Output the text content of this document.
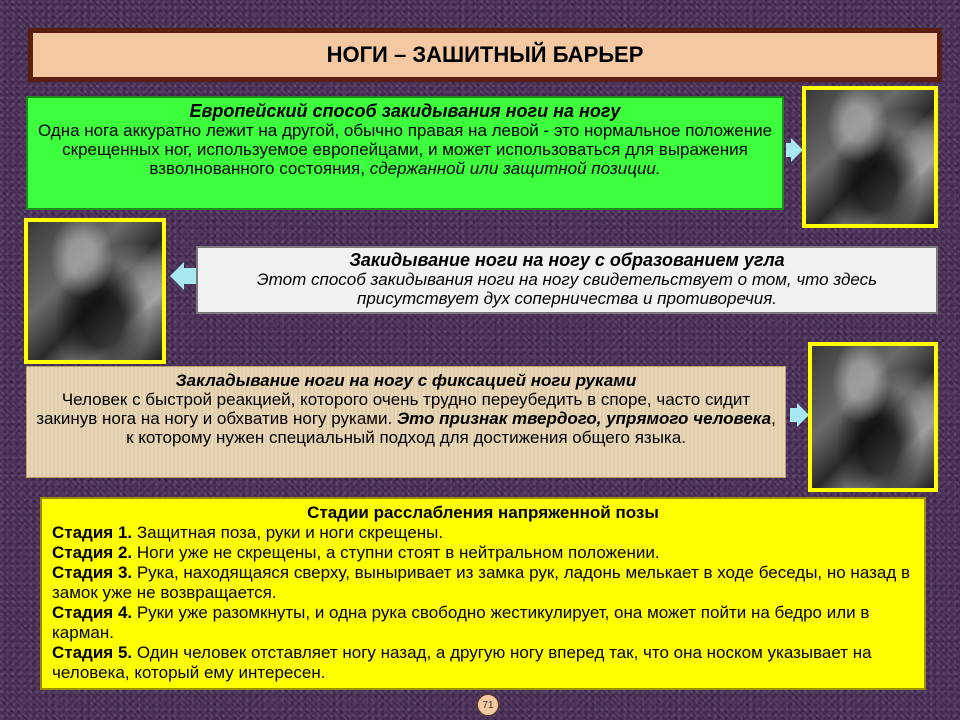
НОГИ – ЗАШИТНЫЙ БАРЬЕР
Европейский способ закидывания ноги на ногу
Одна нога аккуратно лежит на другой, обычно правая на левой - это нормальное положение скрещенных ног, используемое европейцами, и может использоваться для выражения взволнованного состояния, сдержанной или защитной позиции.
Закидывание ноги на ногу с образованием угла
Этот способ закидывания ноги на ногу свидетельствует о том, что здесь присутствует дух соперничества и противоречия.
Закладывание ноги на ногу с фиксацией ноги руками
Человек с быстрой реакцией, которого очень трудно переубедить в споре, часто сидит закинув нога на ногу и обхватив ногу руками. Это признак твердого, упрямого человека, к которому нужен специальный подход для достижения общего языка.
Стадии расслабления напряженной позы
Стадия 1. Защитная поза, руки и ноги скрещены.
Стадия 2. Ноги уже не скрещены, а ступни стоят в нейтральном положении.
Стадия 3. Рука, находящаяся сверху, выныривает из замка рук, ладонь мелькает в ходе беседы, но назад в замок уже не возвращается.
Стадия 4. Руки уже разомкнуты, и одна рука свободно жестикулирует, она может пойти на бедро или в карман.
Стадия 5. Один человек отставляет ногу назад, а другую ногу вперед так, что она носком указывает на человека, который ему интересен.
71
